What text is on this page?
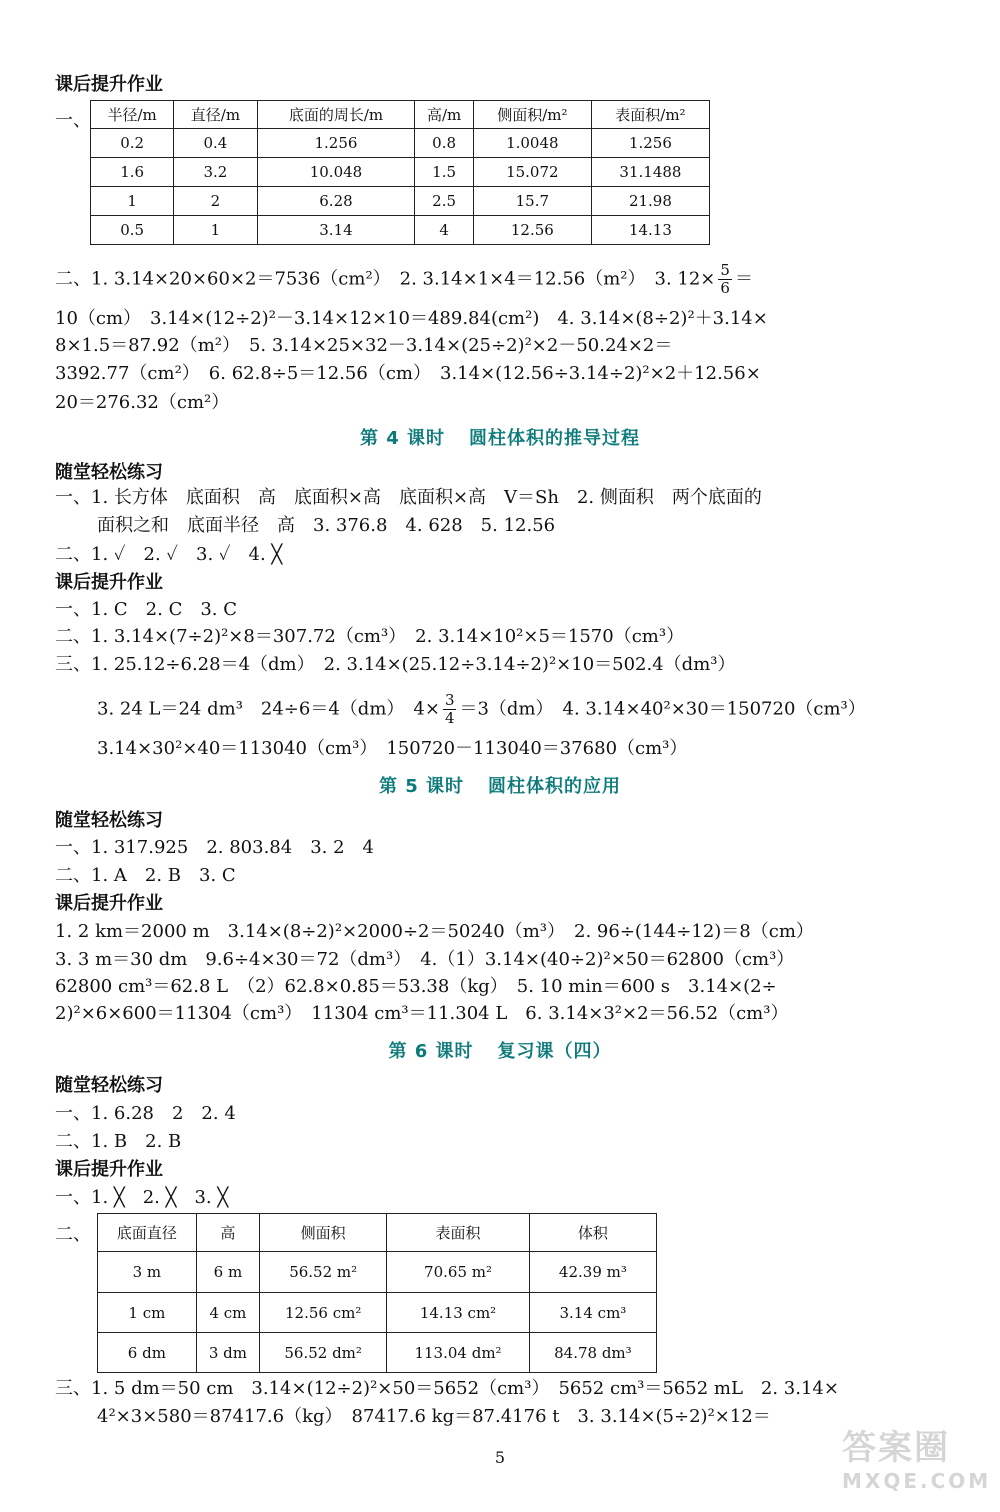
课后提升作业
一、 半径/m	直径/m	底面的周长/m	高/m	侧面积/m²	表面积/m²
0.2	0.4	1.256	0.8	1.0048	1.256
1.6	3.2	10.048	1.5	15.072	31.1488
1	2	6.28	2.5	15.7	21.98
0.5	1	3.14	4	12.56	14.13
二、1. 3.14×20×60×2＝7536（cm²）　2. 3.14×1×4＝12.56（m²）　3. $12\times \frac{5}{6}$ ＝
10（cm）　3.14×(12÷2)²－3.14×12×10＝489.84(cm²)　4. 3.14×(8÷2)²＋3.14×
8×1.5＝87.92（m²）　5. 3.14×25×32－3.14×(25÷2)²×2－50.24×2＝
3392.77（cm²）　6. 62.8÷5＝12.56（cm）　3.14×(12.56÷3.14÷2)²×2＋12.56×
20＝276.32（cm²）
第 4 课时 圆柱体积的推导过程
随堂轻松练习
一、1. 长方体　底面积　高　底面积×高　底面积×高　V＝Sh　2. 侧面积　两个底面的
面积之和　底面半径　高　3. 376.8　4. 628　5. 12.56
二、1. ✓　2. ✓　3. ✓　4. ╳
课后提升作业
一、1. C　2. C　3. C
二、1. 3.14×(7÷2)²×8＝307.72（cm³）　2. 3.14×10²×5＝1570（cm³）
三、1. 25.12÷6.28＝4（dm）　2. 3.14×(25.12÷3.14÷2)²×10＝502.4（dm³）
3. 24 L＝24 dm³　24÷6＝4（dm）　$4\times \frac{3}{4} =3(dm)$　4. 3.14×40²×30＝150720（cm³）
3.14×30²×40＝113040（cm³）　150720－113040＝37680（cm³）
第 5 课时 圆柱体积的应用
随堂轻松练习
一、1. 317.925　2. 803.84　3. 2　4
二、1. A　2. B　3. C
课后提升作业
1. 2 km＝2000 m　3.14×(8÷2)²×2000÷2＝50240（m³）　2. 96÷(144÷12)＝8（cm）
3. 3 m＝30 dm　9.6÷4×30＝72（dm³）　4.（1）3.14×(40÷2)²×50＝62800（cm³）
62800 cm³＝62.8 L　（2）62.8×0.85＝53.38（kg）　5. 10 min＝600 s　3.14×(2÷
2)²×6×600＝11304（cm³）　11304 cm³＝11.304 L　6. 3.14×3²×2＝56.52（cm³）
第 6 课时 复习课（四）
随堂轻松练习
一、1. 6.28　2　2. 4
二、1. B　2. B
课后提升作业
一、1. ╳　2. ╳　3. ╳
二、 底面直径	高	侧面积	表面积	体积
3 m	6 m	56.52 m²	70.65 m²	42.39 m³
1 cm	4 cm	12.56 cm²	14.13 cm²	3.14 cm³
6 dm	3 dm	56.52 dm²	113.04 dm²	84.78 dm³
三、1. 5 dm＝50 cm　3.14×(12÷2)²×50＝5652（cm³）　5652 cm³＝5652 mL　2. 3.14×
4²×3×580＝87417.6（kg）　87417.6 kg＝87.4176 t　3. 3.14×(5÷2)²×12＝
5	答案圈
MXQE.COM
